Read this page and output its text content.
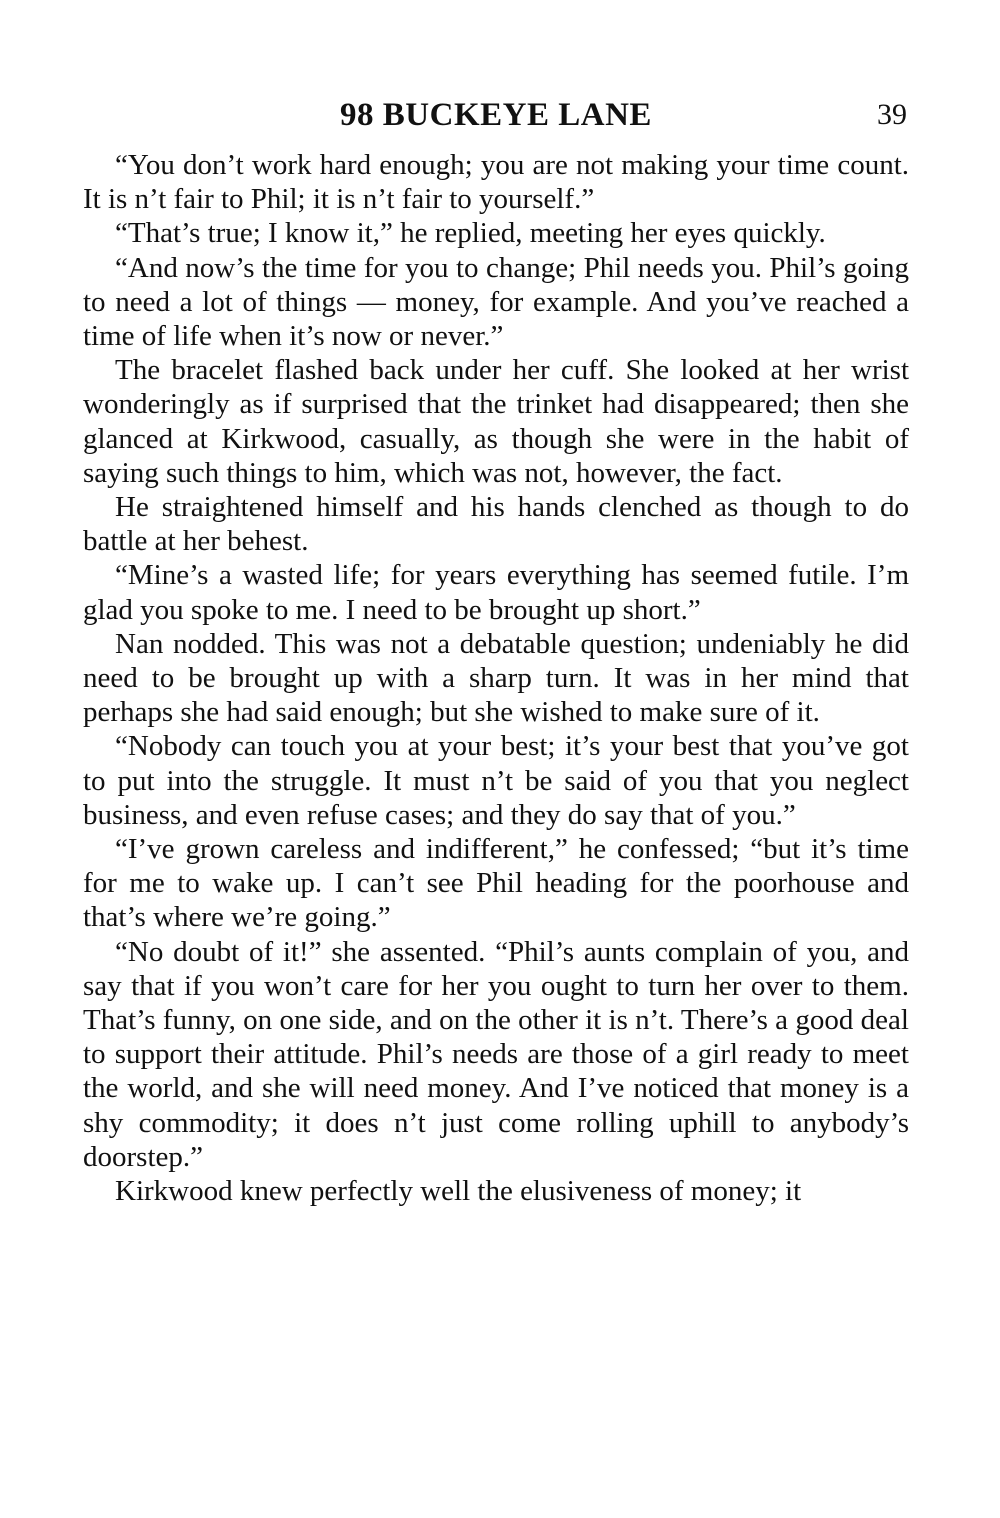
98 BUCKEYE LANE	39

“You don’t work hard enough; you are not making your time count. It is n’t fair to Phil; it is n’t fair to yourself.”

“That’s true; I know it,” he replied, meeting her eyes quickly.

“And now’s the time for you to change; Phil needs you. Phil’s going to need a lot of things — money, for example. And you’ve reached a time of life when it’s now or never.”

The bracelet flashed back under her cuff. She looked at her wrist wonderingly as if surprised that the trinket had disappeared; then she glanced at Kirkwood, casually, as though she were in the habit of saying such things to him, which was not, however, the fact.

He straightened himself and his hands clenched as though to do battle at her behest.

“Mine’s a wasted life; for years everything has seemed futile. I’m glad you spoke to me. I need to be brought up short.”

Nan nodded. This was not a debatable question; undeniably he did need to be brought up with a sharp turn. It was in her mind that perhaps she had said enough; but she wished to make sure of it.

“Nobody can touch you at your best; it’s your best that you’ve got to put into the struggle. It must n’t be said of you that you neglect business, and even refuse cases; and they do say that of you.”

“I’ve grown careless and indifferent,” he confessed; “but it’s time for me to wake up. I can’t see Phil heading for the poorhouse and that’s where we’re going.”

“No doubt of it!” she assented. “Phil’s aunts complain of you, and say that if you won’t care for her you ought to turn her over to them. That’s funny, on one side, and on the other it is n’t. There’s a good deal to support their attitude. Phil’s needs are those of a girl ready to meet the world, and she will need money. And I’ve noticed that money is a shy commodity; it does n’t just come rolling uphill to anybody’s doorstep.”

Kirkwood knew perfectly well the elusiveness of money; it
